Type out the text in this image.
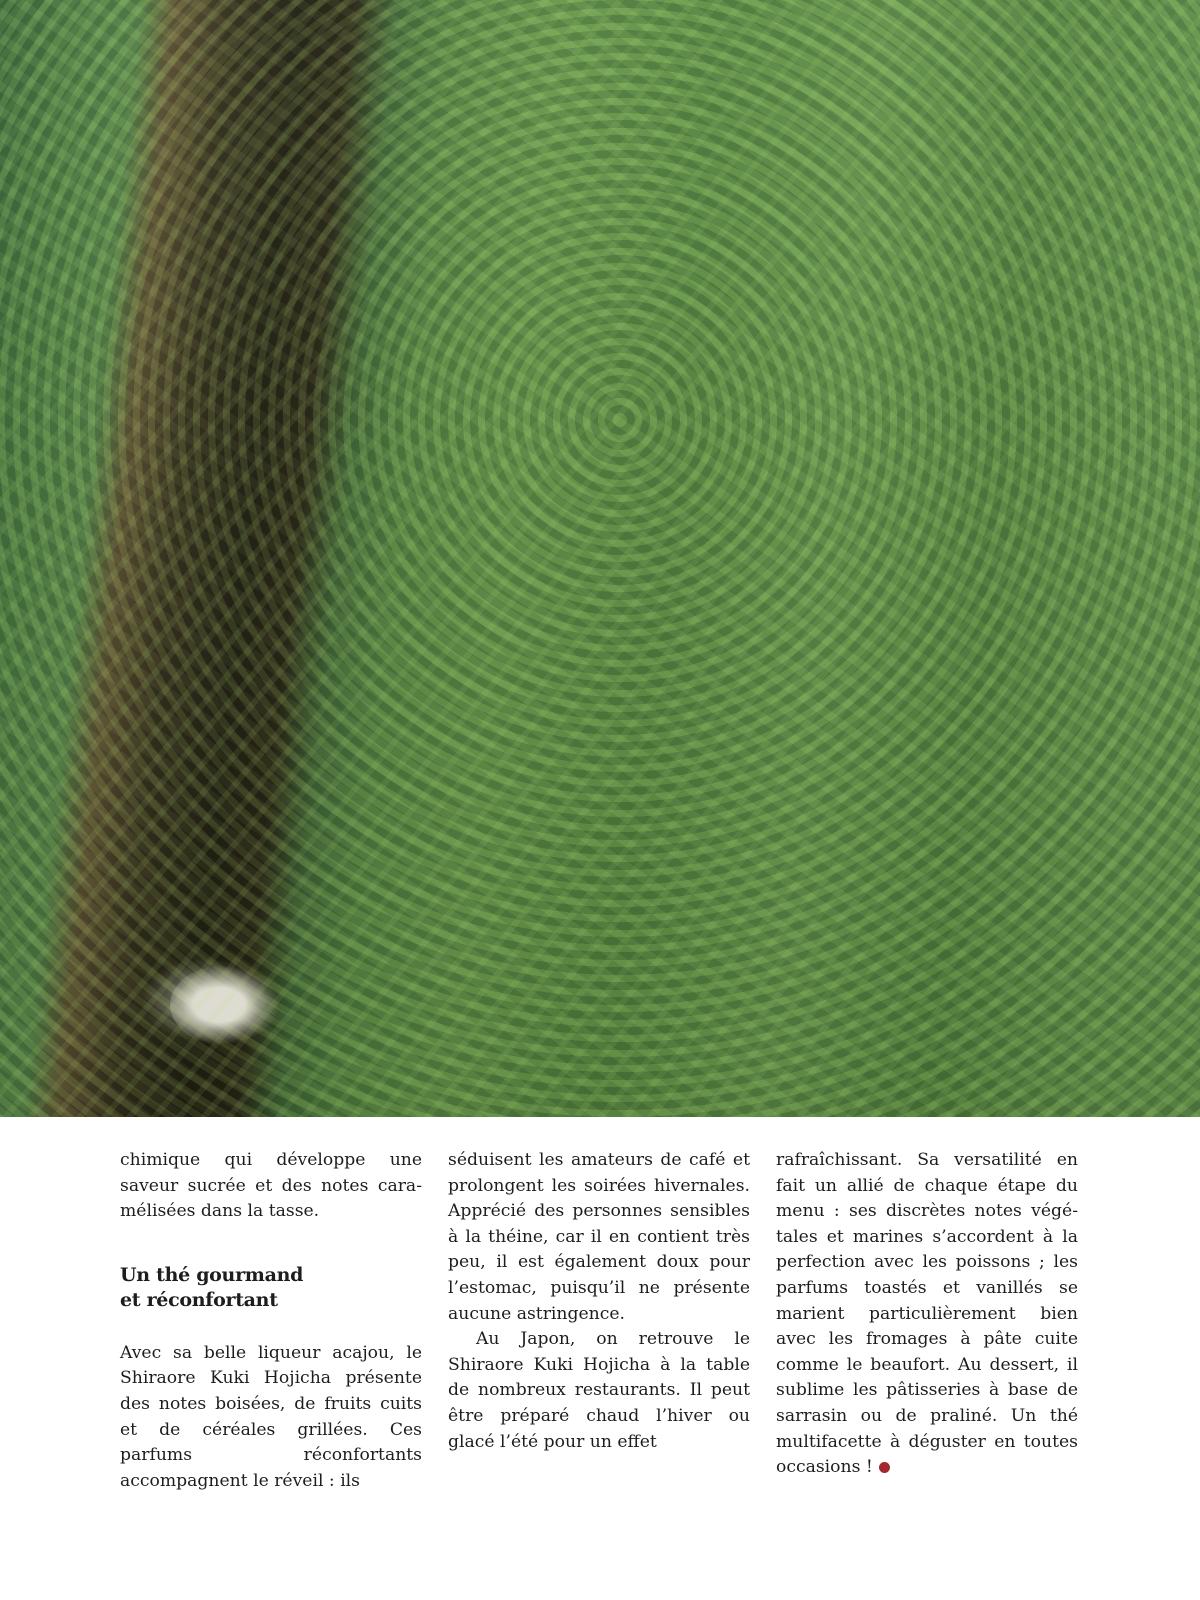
chimique qui développe une saveur sucrée et des notes caramélisées dans la tasse.

Un thé gourmand
et réconfortant

Avec sa belle liqueur acajou, le Shiraore Kuki Hojicha présente des notes boisées, de fruits cuits et de céréales grillées. Ces parfums réconfortants accompagnent le réveil : ils

séduisent les amateurs de café et prolongent les soirées hivernales. Apprécié des personnes sensibles à la théine, car il en contient très peu, il est également doux pour l’estomac, puisqu’il ne présente aucune astringence.

Au Japon, on retrouve le Shiraore Kuki Hojicha à la table de nombreux restaurants. Il peut être préparé chaud l’hiver ou glacé l’été pour un effet

rafraîchissant. Sa versatilité en fait un allié de chaque étape du menu : ses discrètes notes végétales et marines s’accordent à la perfection avec les poissons ; les parfums toastés et vanillés se marient particulièrement bien avec les fromages à pâte cuite comme le beaufort. Au dessert, il sublime les pâtisseries à base de sarrasin ou de praliné. Un thé multifacette à déguster en toutes occasions !
